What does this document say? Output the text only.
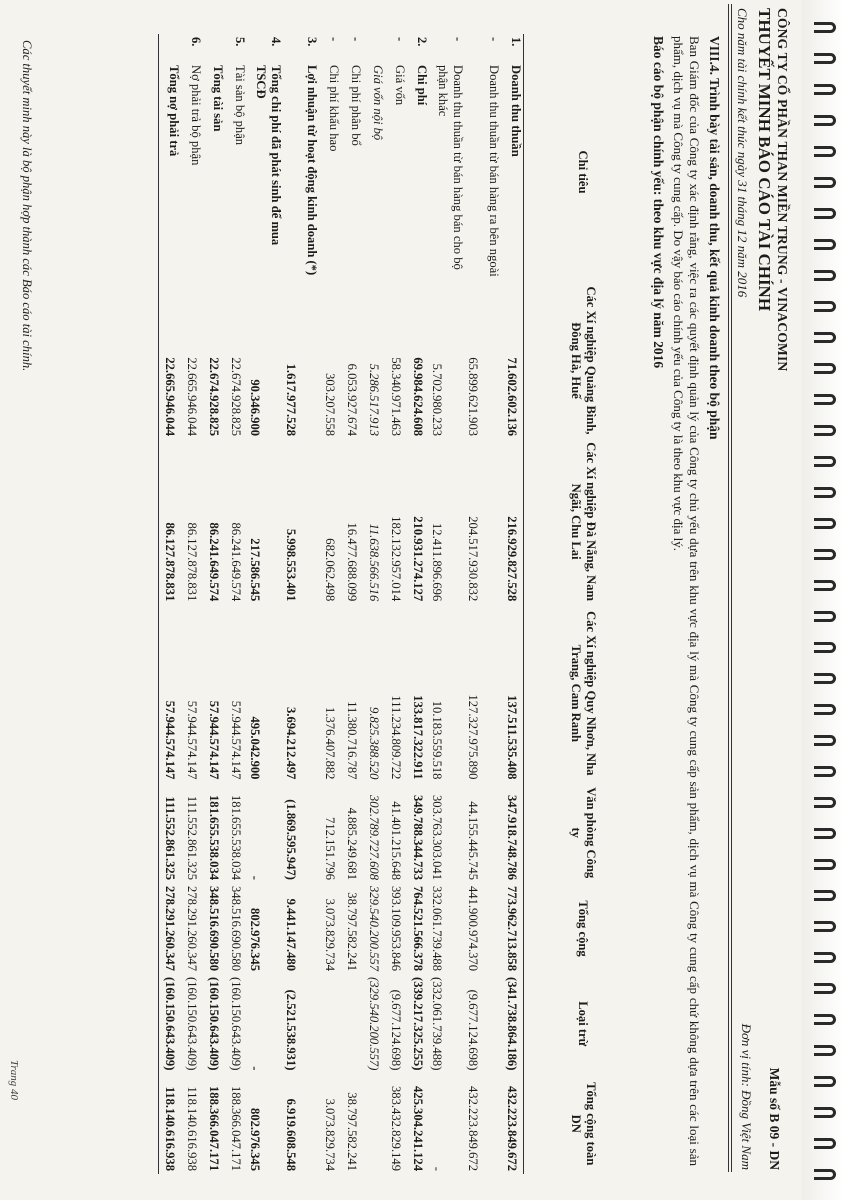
CÔNG TY CỔ PHẦN THAN MIỀN TRUNG - VINACOMIN
THUYẾT MINH BÁO CÁO TÀI CHÍNH
Cho năm tài chính kết thúc ngày 31 tháng 12 năm 2016
Mẫu số B 09 - DN
Đơn vị tính: Đồng Việt Nam
VIII.4. Trình bày tài sản, doanh thu, kết quả kinh doanh theo bộ phận
Ban Giám đốc của Công ty xác định rằng, việc ra các quyết định quản lý của Công ty chủ yếu dựa trên khu vực địa lý mà Công ty cung cấp sản phẩm, dịch vụ mà Công ty cung cấp chứ không dựa trên các loại sản phẩm, dịch vụ mà Công ty cung cấp. Do vậy báo cáo chính yếu của Công ty là theo khu vực địa lý.
Báo cáo bộ phận chính yếu: theo khu vực địa lý năm 2016
	Chỉ tiêu	Các Xí nghiệp Quảng Bình, Đông Hà, Huế	Các Xí nghiệp Đà Nẵng, Nam Ngãi, Chu Lai	Các Xí nghiệp Quy Nhơn, Nha Trang, Cam Ranh	Văn phòng Công ty	Tổng cộng	Loại trừ	Tổng cộng toàn DN
1.	Doanh thu thuần	71.602.602.136	216.929.827.528	137.511.535.408	347.918.748.786	773.962.713.858	(341.738.864.186)	432.223.849.672
-	Doanh thu thuần từ bán hàng ra bên ngoài	65.899.621.903	204.517.930.832	127.327.975.890	44.155.445.745	441.900.974.370	(9.677.124.698)	432.223.849.672
-	Doanh thu thuần từ bán hàng bán cho bộ phận khác	5.702.980.233	12.411.896.696	10.183.559.518	303.763.303.041	332.061.739.488	(332.061.739.488)	-
2.	Chi phí	69.984.624.608	210.931.274.127	133.817.322.911	349.788.344.733	764.521.566.378	(339.217.325.255)	425.304.241.124
-	Giá vốn	58.340.971.463	182.132.957.014	111.234.809.722	41.401.215.648	393.109.953.846	(9.677.124.698)	383.432.829.149
	Giá vốn nội bộ	5.286.517.913	11.638.566.516	9.825.388.520	302.789.727.608	329.540.200.557	(329.540.200.557)	
-	Chi phí phân bổ	6.053.927.674	16.477.688.099	11.380.716.787	4.885.249.681	38.797.582.241		38.797.582.241
-	Chi phí khấu hao	303.207.558	682.062.498	1.376.407.882	712.151.796	3.073.829.734		3.073.829.734
3.	Lợi nhuận từ hoạt động kinh doanh (*)	1.617.977.528	5.998.553.401	3.694.212.497	(1.869.595.947)	9.441.147.480	(2.521.538.931)	6.919.608.548
4.	Tổng chi phí đã phát sinh để mua TSCĐ	90.346.900	217.586.545	495.042.900	-	802.976.345	-	802.976.345
5.	Tài sản bộ phận	22.674.928.825	86.241.649.574	57.944.574.147	181.655.538.034	348.516.690.580	(160.150.643.409)	188.366.047.171
	Tổng tài sản	22.674.928.825	86.241.649.574	57.944.574.147	181.655.538.034	348.516.690.580	(160.150.643.409)	188.366.047.171
6.	Nợ phải trả bộ phận	22.665.946.044	86.127.878.831	57.944.574.147	111.552.861.325	278.291.260.347	(160.150.643.409)	118.140.616.938
	Tổng nợ phải trả	22.665.946.044	86.127.878.831	57.944.574.147	111.552.861.325	278.291.260.347	(160.150.643.409)	118.140.616.938
Các thuyết minh này là bộ phận hợp thành các Báo cáo tài chính.
Trang 40
